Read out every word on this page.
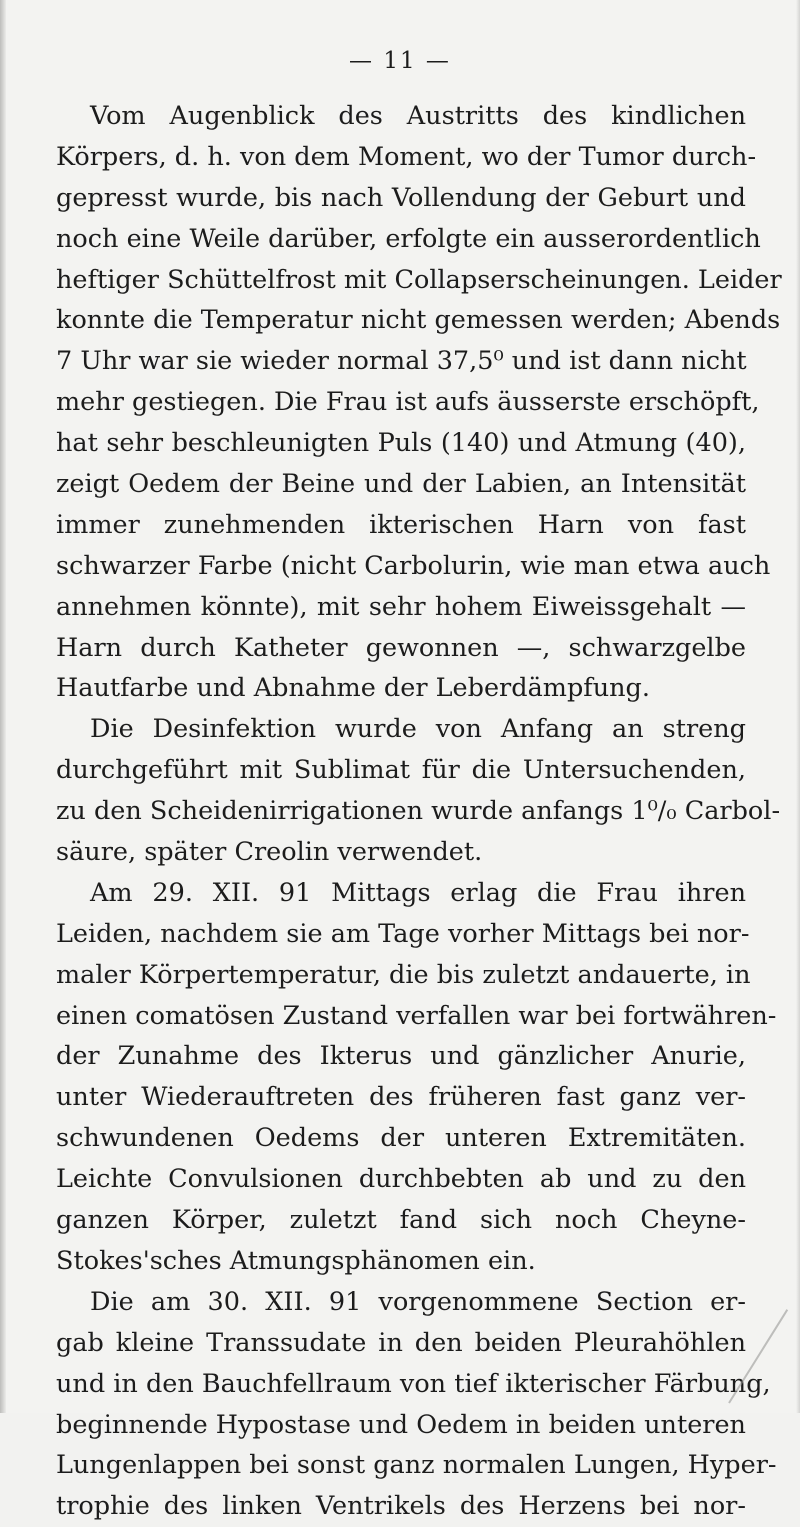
— 11 —
Vom Augenblick des Austritts des kindlichen
Körpers, d. h. von dem Moment, wo der Tumor durch-
gepresst wurde, bis nach Vollendung der Geburt und
noch eine Weile darüber, erfolgte ein ausserordentlich
heftiger Schüttelfrost mit Collapserscheinungen. Leider
konnte die Temperatur nicht gemessen werden; Abends
7 Uhr war sie wieder normal 37,5⁰ und ist dann nicht
mehr gestiegen. Die Frau ist aufs äusserste erschöpft,
hat sehr beschleunigten Puls (140) und Atmung (40),
zeigt Oedem der Beine und der Labien, an Intensität
immer zunehmenden ikterischen Harn von fast
schwarzer Farbe (nicht Carbolurin, wie man etwa auch
annehmen könnte), mit sehr hohem Eiweissgehalt —
Harn durch Katheter gewonnen —, schwarzgelbe
Hautfarbe und Abnahme der Leberdämpfung.
Die Desinfektion wurde von Anfang an streng
durchgeführt mit Sublimat für die Untersuchenden,
zu den Scheidenirrigationen wurde anfangs 1⁰/₀ Carbol-
säure, später Creolin verwendet.
Am 29. XII. 91 Mittags erlag die Frau ihren
Leiden, nachdem sie am Tage vorher Mittags bei nor-
maler Körpertemperatur, die bis zuletzt andauerte, in
einen comatösen Zustand verfallen war bei fortwähren-
der Zunahme des Ikterus und gänzlicher Anurie,
unter Wiederauftreten des früheren fast ganz ver-
schwundenen Oedems der unteren Extremitäten.
Leichte Convulsionen durchbebten ab und zu den
ganzen Körper, zuletzt fand sich noch Cheyne-
Stokes'sches Atmungsphänomen ein.
Die am 30. XII. 91 vorgenommene Section er-
gab kleine Transsudate in den beiden Pleurahöhlen
und in den Bauchfellraum von tief ikterischer Färbung,
beginnende Hypostase und Oedem in beiden unteren
Lungenlappen bei sonst ganz normalen Lungen, Hyper-
trophie des linken Ventrikels des Herzens bei nor-
